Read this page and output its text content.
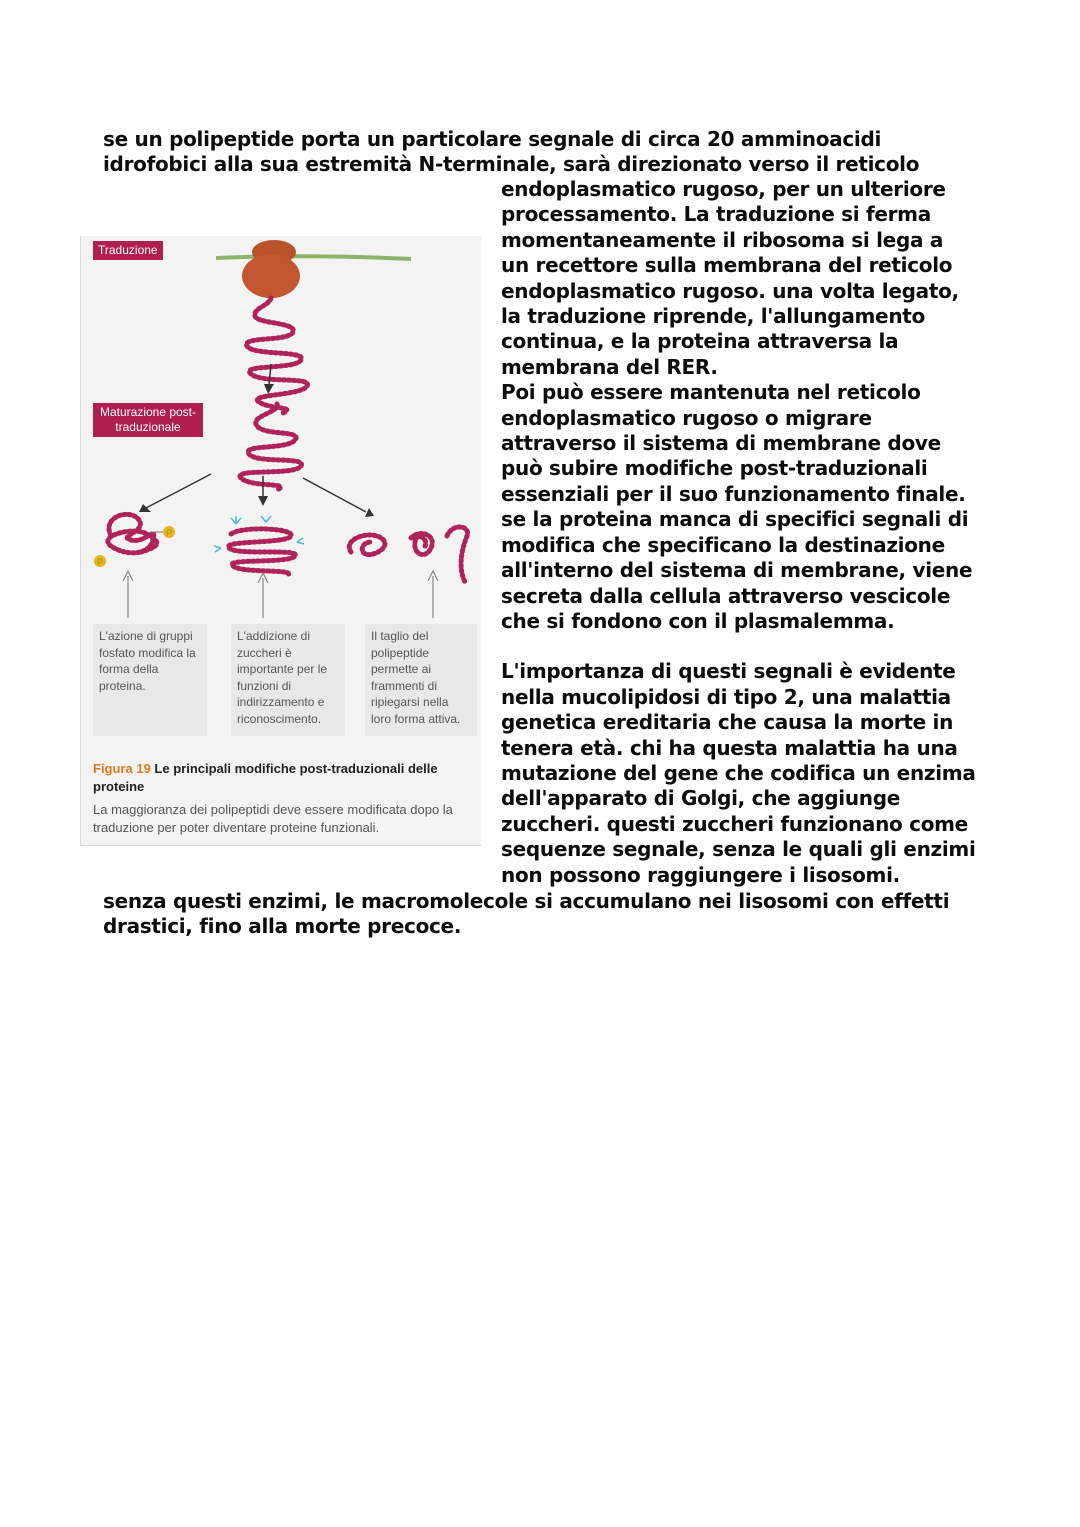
se un polipeptide porta un particolare segnale di circa 20 amminoacidi
idrofobici alla sua estremità N-terminale, sarà direzionato verso il reticolo

endoplasmatico rugoso, per un ulteriore processamento. La traduzione si ferma momentaneamente il ribosoma si lega a un recettore sulla membrana del reticolo endoplasmatico rugoso. una volta legato, la traduzione riprende, l'allungamento continua, e la proteina attraversa la membrana del RER.

Poi può essere mantenuta nel reticolo endoplasmatico rugoso o migrare attraverso il sistema di membrane dove può subire modifiche post-traduzionali essenziali per il suo funzionamento finale. se la proteina manca di specifici segnali di modifica che specificano la destinazione all'interno del sistema di membrane, viene secreta dalla cellula attraverso vescicole che si fondono con il plasmalemma.

L'importanza di questi segnali è evidente nella mucolipidosi di tipo 2, una malattia genetica ereditaria che causa la morte in tenera età. chi ha questa malattia ha una mutazione del gene che codifica un enzima dell'apparato di Golgi, che aggiunge zuccheri. questi zuccheri funzionano come sequenze segnale, senza le quali gli enzimi non possono raggiungere i lisosomi.

senza questi enzimi, le macromolecole si accumulano nei lisosomi con effetti
drastici, fino alla morte precoce.
P
P
Traduzione
Maturazione post-traduzionale
L'azione di gruppi fosfato modifica la forma della proteina.
L'addizione di zuccheri è importante per le funzioni di indirizzamento e riconoscimento.
Il taglio del polipeptide permette ai frammenti di ripiegarsi nella loro forma attiva.
Figura 19 Le principali modifiche post-traduzionali delle proteine
La maggioranza dei polipeptidi deve essere modificata dopo la traduzione per poter diventare proteine funzionali.
